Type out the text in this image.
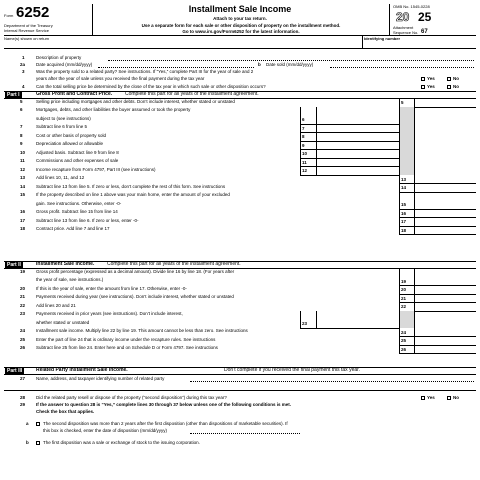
Form 6252
Department of the Treasury
Internal Revenue Service
Installment Sale Income
Attach to your tax return.
Use a separate form for each sale or other disposition of property on the installment method.
Go to www.irs.gov/Form6252 for the latest information.
OMB No. 1545-0228
20 25
Attachment
Sequence No. 67
Name(s) shown on return	Identifying number
1	Description of property
2a Date acquired (mm/dd/yyyy)	b Date sold (mm/dd/yyyy)
3	Was the property sold to a related party? See instructions. If “Yes,” complete Part III for the year of sale and 2
years after the year of sale unless you received the final payment during the tax year	Yes	No
4	Can the total selling price be determined by the close of the tax year in which such sale or other disposition occurs?	Yes	No
Part I	Gross Profit and Contract Price.	Complete this part for all years of the installment agreement.
5	Selling price including mortgages and other debts. Don’t include interest, whether stated or unstated	5
6	Mortgages, debts, and other liabilities the buyer assumed or took the property
subject to (see instructions)	6
7	Subtract line 6 from line 5	7
8	Cost or other basis of property sold	8
9	Depreciation allowed or allowable	9
10 Adjusted basis. Subtract line 9 from line 8	10
11 Commissions and other expenses of sale	11
12 Income recapture from Form 4797, Part III (see instructions)	12
13 Add lines 10, 11, and 12	13
14 Subtract line 13 from line 5. If zero or less, don’t complete the rest of this form. See instructions	14
15 If the property described on line 1 above was your main home, enter the amount of your excluded
gain. See instructions. Otherwise, enter -0-	15
16 Gross profit. Subtract line 15 from line 14	16
17 Subtract line 13 from line 6. If zero or less, enter -0-	17
18 Contract price. Add line 7 and line 17	18
Part II	Installment Sale Income.	Complete this part for all years of the installment agreement.
19 Gross profit percentage (expressed as a decimal amount). Divide line 16 by line 18. (For years after
the year of sale, see instructions.)	19
20 If this is the year of sale, enter the amount from line 17. Otherwise, enter -0-	20
21 Payments received during year (see instructions). Don’t include interest, whether stated or unstated	21
22 Add lines 20 and 21	22
23 Payments received in prior years (see instructions). Don’t include interest,
whether stated or unstated	23
24 Installment sale income. Multiply line 22 by line 19. This amount cannot be less than zero. See instructions	24
25 Enter the part of line 24 that is ordinary income under the recapture rules. See instructions	25
26 Subtract line 25 from line 24. Enter here and on Schedule D or Form 4797. See instructions	26
Part III	Related Party Installment Sale Income.	Don’t complete if you received the final payment this tax year.
27 Name, address, and taxpayer identifying number of related party
28 Did the related party resell or dispose of the property (“second disposition”) during this tax year?	Yes	No
29 If the answer to question 28 is “Yes,” complete lines 30 through 37 below unless one of the following conditions is met.
Check the box that applies.
a	The second disposition was more than 2 years after the first disposition (other than dispositions of marketable securities). If
this box is checked, enter the date of disposition (mm/dd/yyyy)
b	The first disposition was a sale or exchange of stock to the issuing corporation.
